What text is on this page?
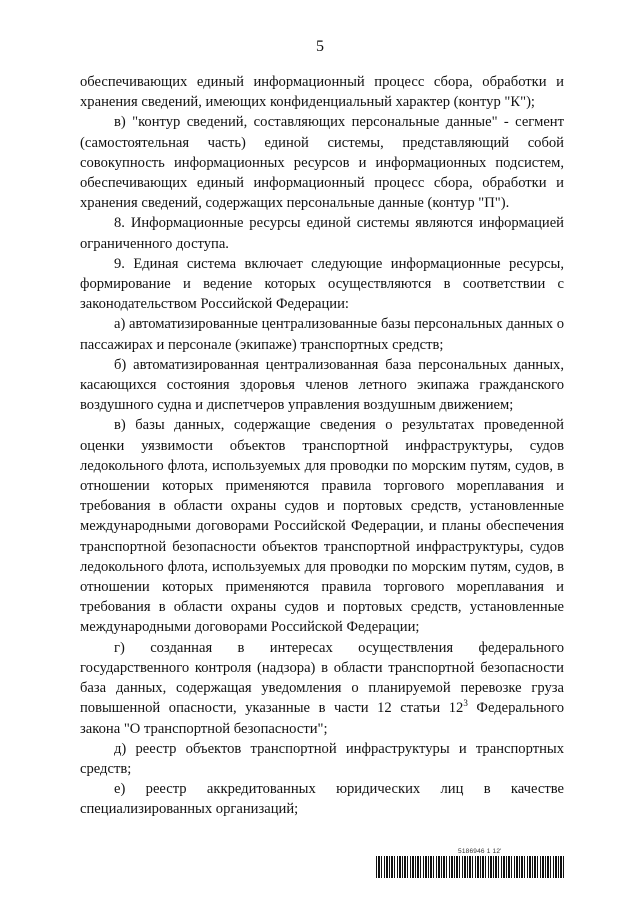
5

обеспечивающих единый информационный процесс сбора, обработки и хранения сведений, имеющих конфиденциальный характер (контур "К");

в) "контур сведений, составляющих персональные данные" - сегмент (самостоятельная часть) единой системы, представляющий собой совокупность информационных ресурсов и информационных подсистем, обеспечивающих единый информационный процесс сбора, обработки и хранения сведений, содержащих персональные данные (контур "П").

8. Информационные ресурсы единой системы являются информацией ограниченного доступа.

9. Единая система включает следующие информационные ресурсы, формирование и ведение которых осуществляются в соответствии с законодательством Российской Федерации:

а) автоматизированные централизованные базы персональных данных о пассажирах и персонале (экипаже) транспортных средств;

б) автоматизированная централизованная база персональных данных, касающихся состояния здоровья членов летного экипажа гражданского воздушного судна и диспетчеров управления воздушным движением;

в) базы данных, содержащие сведения о результатах проведенной оценки уязвимости объектов транспортной инфраструктуры, судов ледокольного флота, используемых для проводки по морским путям, судов, в отношении которых применяются правила торгового мореплавания и требования в области охраны судов и портовых средств, установленные международными договорами Российской Федерации, и планы обеспечения транспортной безопасности объектов транспортной инфраструктуры, судов ледокольного флота, используемых для проводки по морским путям, судов, в отношении которых применяются правила торгового мореплавания и требования в области охраны судов и портовых средств, установленные международными договорами Российской Федерации;

г) созданная в интересах осуществления федерального государственного контроля (надзора) в области транспортной безопасности база данных, содержащая уведомления о планируемой перевозке груза повышенной опасности, указанные в части 12 статьи $12^3$ Федерального закона "О транспортной безопасности";

д) реестр объектов транспортной инфраструктуры и транспортных средств;

е) реестр аккредитованных юридических лиц в качестве специализированных организаций;

5186946 1 12'
